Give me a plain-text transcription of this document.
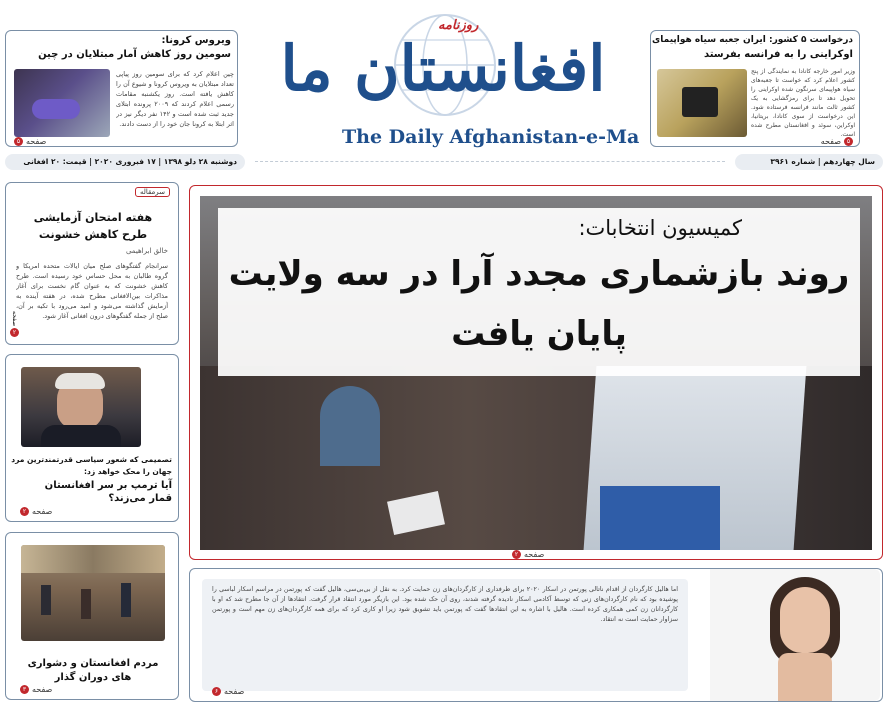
ویروس کرونا:
سومین روز کاهش آمار مبتلایان در چین
چین اعلام کرد که برای سومین روز پیاپی تعداد مبتلایان به ویروس کرونا و شیوع آن را کاهش یافته است. روز یکشنبه مقامات رسمی اعلام کردند که ۲۰۰۹ پرونده ابتلای جدید ثبت شده است و ۱۴۲ نفر دیگر نیز در اثر ابتلا به کرونا جان خود را از دست دادند.
۵ صفحه
روزنامه
افغانستان ما
The Daily Afghanistan-e-Ma
درخواست ۵ کشور: ایران جعبه سیاه هواپیمای
اوکراینی را به فرانسه بفرستد
وزیر امور خارجه کانادا به نمایندگی از پنج کشور اعلام کرد که خواست تا جعبه‌های سیاه هواپیمای سرنگون شده اوکراینی را تحویل دهد تا برای رمزگشایی به یک کشور ثالث مانند فرانسه فرستاده شود. این درخواست از سوی کانادا، بریتانیا، اوکراین، سوئد و افغانستان مطرح شده است.
صفحه ۵
دوشنبه ۲۸ دلو ۱۳۹۸ | ۱۷ فبروری ۲۰۲۰ | قیمت: ۲۰ افغانی	سال چهاردهم | شماره ۳۹۶۱
سرمقاله
هفته امتحان آزمایشی
طرح کاهش خشونت
خالق ابراهیمی
سرانجام گفتگوهای صلح میان ایالات متحده امریکا و گروه طالبان به محل حساس خود رسیده است. طرح کاهش خشونت که به عنوان گام نخست برای آغاز مذاکرات بین‌الافغانی مطرح شده، در هفته آینده به آزمایش گذاشته می‌شود و امید می‌رود با تکیه بر آن، صلح از جمله گفتگوهای درون افغانی آغاز شود.
صفحه
۲
تصمیمی که شعور سیاسی قدرتمندترین مرد
جهان را محک خواهد زد:
آیا ترمپ بر سر افغانستان قمار می‌زند؟
۲ صفحه
مردم افغانستان و دشواری های دوران گذار
۳ صفحه
کمیسیون انتخابات:
روند بازشماری مجدد آرا در سه ولایت
پایان یافت
۲ صفحه
اما هالیل کارگردان از اقدام ناتالی پورتمن در اسکار ۲۰۲۰ برای طرفداری از کارگردان‌های زن حمایت کرد. به نقل از بی‌بی‌سی، هالیل گفت که پورتمن در مراسم اسکار لباسی را پوشیده بود که نام کارگردان‌های زنی که توسط آکادمی اسکار نادیده گرفته شدند، روی آن حک شده بود. این بازیگر مورد انتقاد قرار گرفت. انتقادها از آن جا مطرح شد که او با کارگردانان زن کمی همکاری کرده است. هالیل با اشاره به این انتقادها گفت که پورتمن باید تشویق شود زیرا او کاری کرد که برای همه کارگردان‌های زن مهم است و پورتمن سزاوار حمایت است نه انتقاد.
۶ صفحه
